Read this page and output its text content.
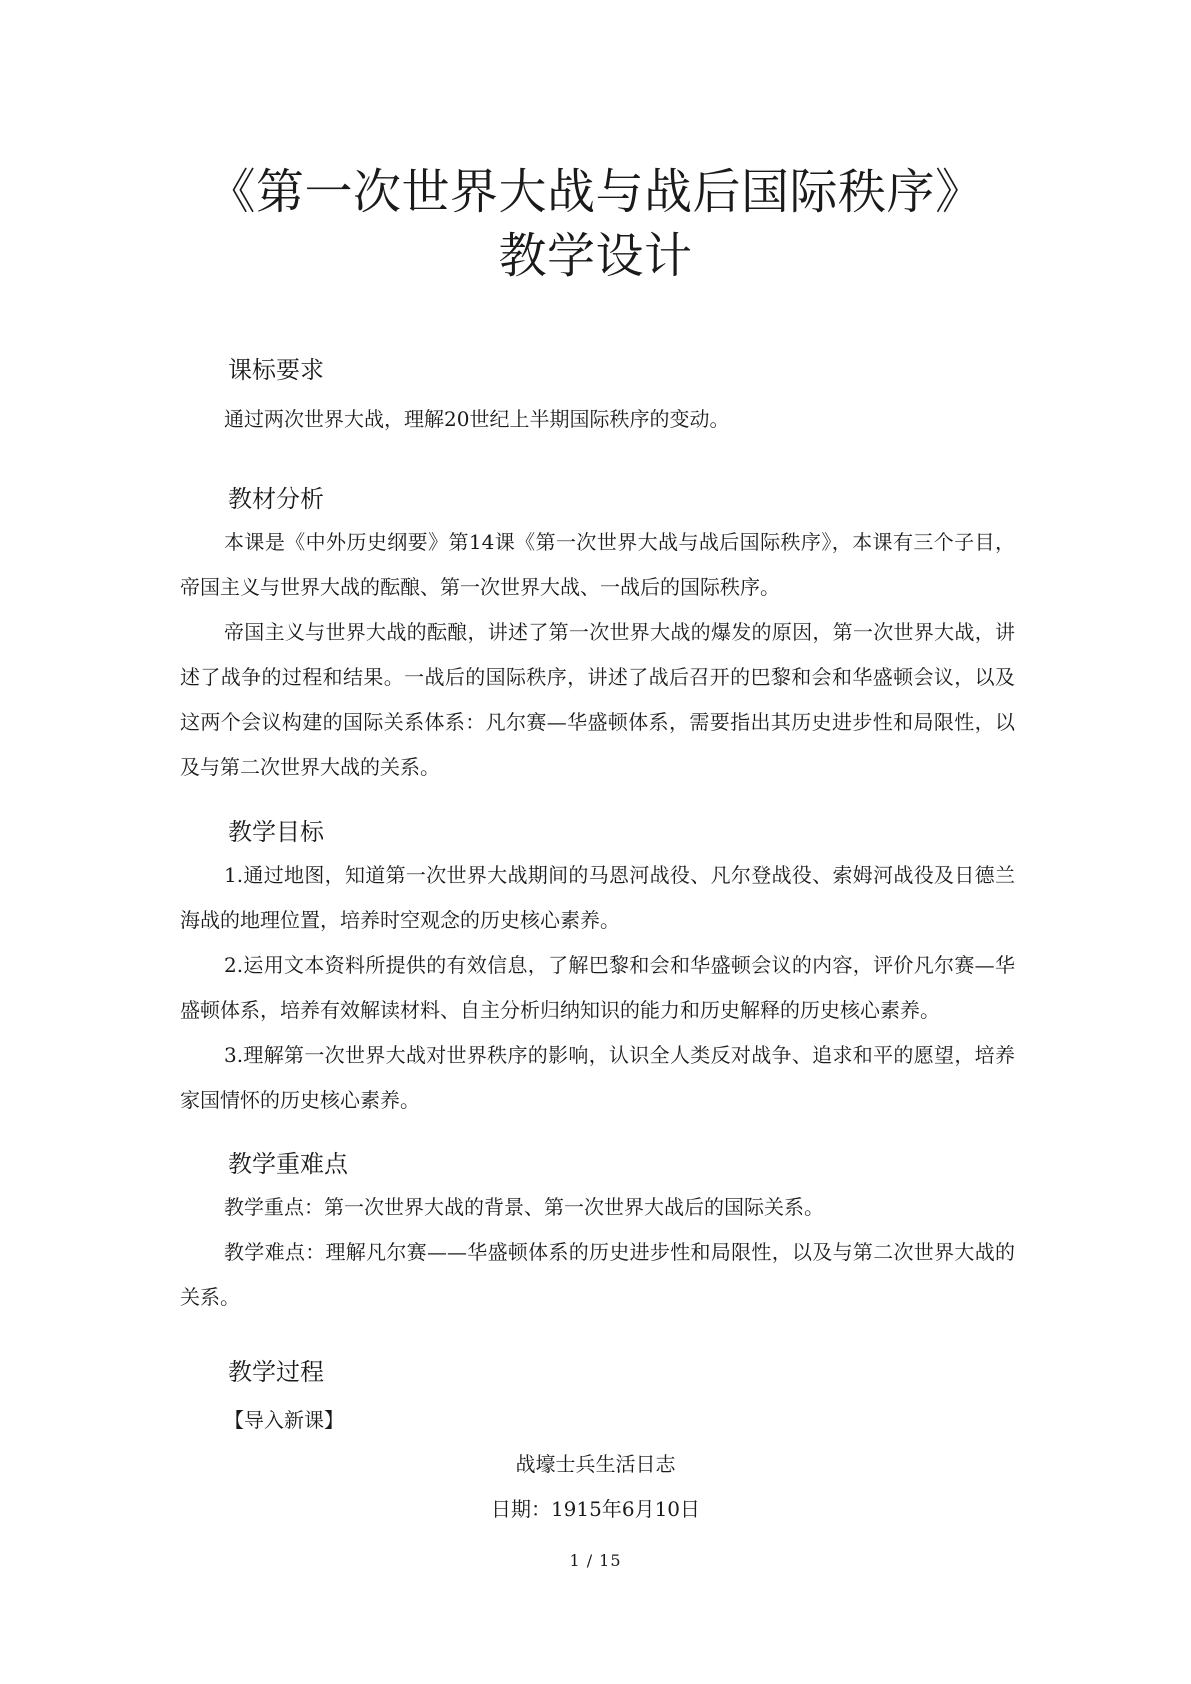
《第一次世界大战与战后国际秩序》
教学设计
课标要求
通过两次世界大战，理解20世纪上半期国际秩序的变动。
教材分析
本课是《中外历史纲要》第14课《第一次世界大战与战后国际秩序》，本课有三个子目，帝国主义与世界大战的酝酿、第一次世界大战、一战后的国际秩序。
帝国主义与世界大战的酝酿，讲述了第一次世界大战的爆发的原因，第一次世界大战，讲述了战争的过程和结果。一战后的国际秩序，讲述了战后召开的巴黎和会和华盛顿会议，以及这两个会议构建的国际关系体系：凡尔赛—华盛顿体系，需要指出其历史进步性和局限性，以及与第二次世界大战的关系。
教学目标
1.通过地图，知道第一次世界大战期间的马恩河战役、凡尔登战役、索姆河战役及日德兰海战的地理位置，培养时空观念的历史核心素养。
2.运用文本资料所提供的有效信息，了解巴黎和会和华盛顿会议的内容，评价凡尔赛—华盛顿体系，培养有效解读材料、自主分析归纳知识的能力和历史解释的历史核心素养。
3.理解第一次世界大战对世界秩序的影响，认识全人类反对战争、追求和平的愿望，培养家国情怀的历史核心素养。
教学重难点
教学重点：第一次世界大战的背景、第一次世界大战后的国际关系。
教学难点：理解凡尔赛——华盛顿体系的历史进步性和局限性，以及与第二次世界大战的关系。
教学过程
【导入新课】
战壕士兵生活日志
日期：1915年6月10日
1 / 15
